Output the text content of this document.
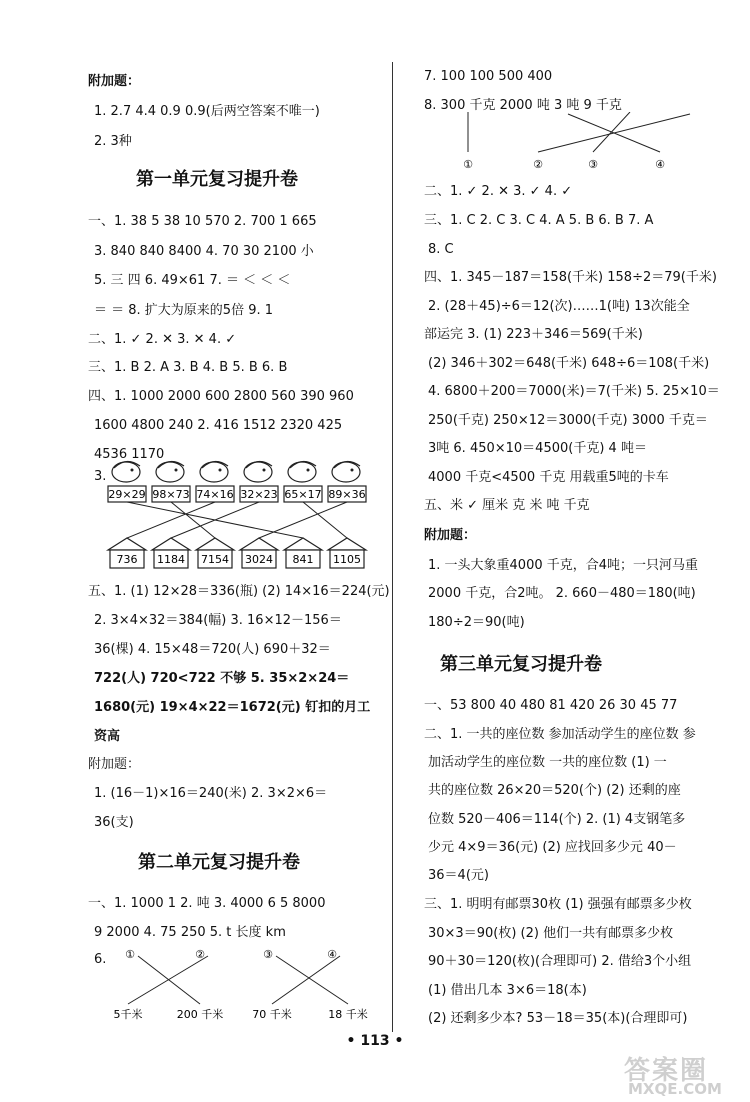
附加题：
1. 2.7 4.4 0.9 0.9(后两空答案不唯一)
2. 3种
一、1. 38 5 38 10 570 2. 700 1 665
3. 840 840 8400 4. 70 30 2100 小
5. 三 四 6. 49×61 7. ＝ ＜ ＜ ＜
＝ ＝ 8. 扩大为原来的5倍 9. 1
二、1. ✓ 2. ✕ 3. ✕ 4. ✓
三、1. B 2. A 3. B 4. B 5. B 6. B
四、1. 1000 2000 600 2800 560 390 960
1600 4800 240 2. 416 1512 2320 425
4536 1170
五、1. (1) 12×28＝336(瓶) (2) 14×16＝224(元)
2. 3×4×32＝384(幅) 3. 16×12－156＝
36(棵) 4. 15×48＝720(人) 690＋32＝
722(人) 720<722 不够 5. 35×2×24＝
1680(元) 19×4×22＝1672(元) 钉扣的月工
资高
附加题：
1. (16－1)×16＝240(米) 2. 3×2×6＝
36(支)
一、1. 1000 1 2. 吨 3. 4000 6 5 8000
9 2000 4. 75 250 5. t 长度 km
6.
第一单元复习提升卷
3.
29×29 98×73 74×16 32×23 65×17 89×36
736 1184 7154 3024 841 1105
第二单元复习提升卷
①	②	③	④
5千米	200 千米	70 千米	18 千米
7. 100 100 500 400
8. 300 千克 2000 吨 3 吨 9 千克
二、1. ✓ 2. ✕ 3. ✓ 4. ✓
三、1. C 2. C 3. C 4. A 5. B 6. B 7. A
8. C
四、1. 345－187＝158(千米) 158÷2＝79(千米)
2. (28＋45)÷6＝12(次)……1(吨) 13次能全
部运完 3. (1) 223＋346＝569(千米)
(2) 346＋302＝648(千米) 648÷6＝108(千米)
4. 6800＋200＝7000(米)＝7(千米) 5. 25×10＝
250(千克) 250×12＝3000(千克) 3000 千克＝
3吨 6. 450×10＝4500(千克) 4 吨＝
4000 千克<4500 千克 用载重5吨的卡车
五、米 ✓ 厘米 克 米 吨 千克
附加题：
1. 一头大象重4000 千克，合4吨；一只河马重
2000 千克，合2吨。 2. 660－480＝180(吨)
180÷2＝90(吨)
一、53 800 40 480 81 420 26 30 45 77
二、1. 一共的座位数 参加活动学生的座位数 参
加活动学生的座位数 一共的座位数 (1) 一
共的座位数 26×20＝520(个) (2) 还剩的座
位数 520－406＝114(个) 2. (1) 4支钢笔多
少元 4×9＝36(元) (2) 应找回多少元 40－
36＝4(元)
三、1. 明明有邮票30枚 (1) 强强有邮票多少枚
30×3＝90(枚) (2) 他们一共有邮票多少枚
90＋30＝120(枚)(合理即可) 2. 借给3个小组
(1) 借出几本 3×6＝18(本)
(2) 还剩多少本? 53－18＝35(本)(合理即可)
①	②	③	④
第三单元复习提升卷
• 113 •
答案圈
MXQE.COM
